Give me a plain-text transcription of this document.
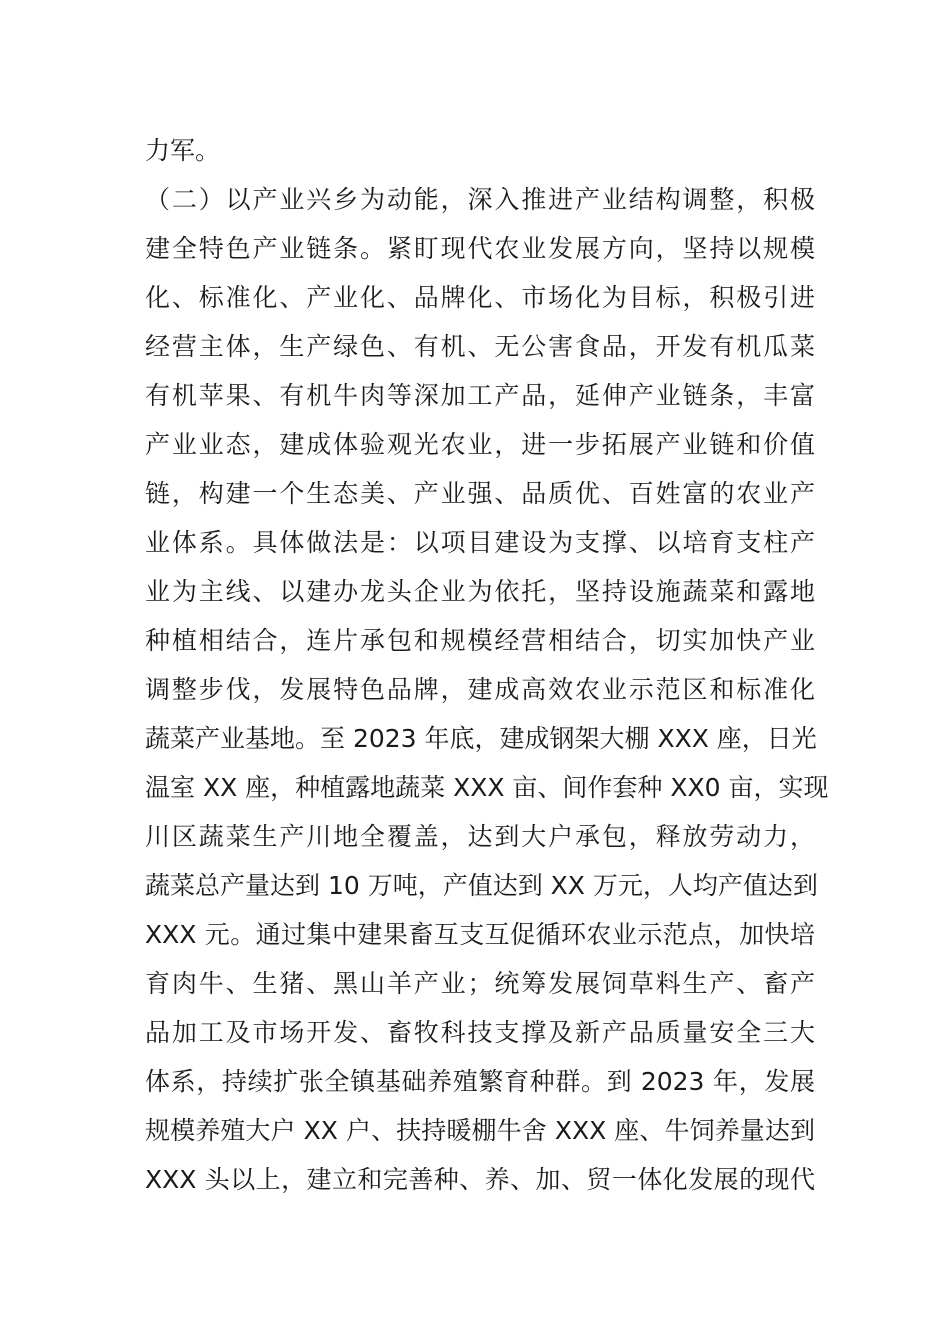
力军。
（二）以产业兴乡为动能，深入推进产业结构调整，积极
建全特色产业链条。紧盯现代农业发展方向，坚持以规模
化、标准化、产业化、品牌化、市场化为目标，积极引进
经营主体，生产绿色、有机、无公害食品，开发有机瓜菜
有机苹果、有机牛肉等深加工产品，延伸产业链条，丰富
产业业态，建成体验观光农业，进一步拓展产业链和价值
链，构建一个生态美、产业强、品质优、百姓富的农业产
业体系。具体做法是：以项目建设为支撑、以培育支柱产
业为主线、以建办龙头企业为依托，坚持设施蔬菜和露地
种植相结合，连片承包和规模经营相结合，切实加快产业
调整步伐，发展特色品牌，建成高效农业示范区和标准化
蔬菜产业基地。至 2023 年底，建成钢架大棚 XXX 座，日光
温室 XX 座，种植露地蔬菜 XXX 亩、间作套种 XX0 亩，实现
川区蔬菜生产川地全覆盖，达到大户承包，释放劳动力，
蔬菜总产量达到 10 万吨，产值达到 XX 万元，人均产值达到
XXX 元。通过集中建果畜互支互促循环农业示范点，加快培
育肉牛、生猪、黑山羊产业；统筹发展饲草料生产、畜产
品加工及市场开发、畜牧科技支撑及新产品质量安全三大
体系，持续扩张全镇基础养殖繁育种群。到 2023 年，发展
规模养殖大户 XX 户、扶持暖棚牛舍 XXX 座、牛饲养量达到
XXX 头以上，建立和完善种、养、加、贸一体化发展的现代
